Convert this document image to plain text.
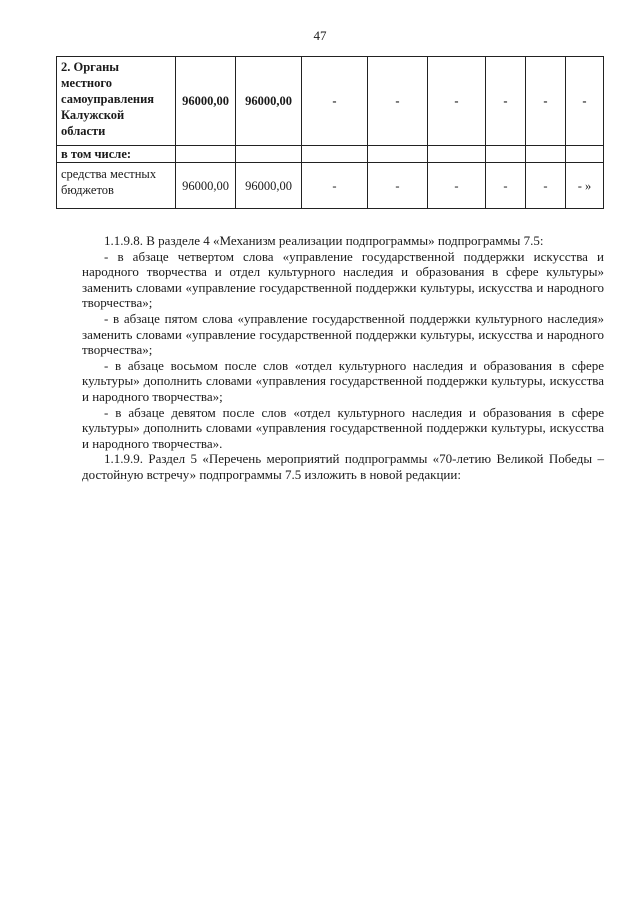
47
2. Органы местного самоуправления Калужской области	96000,00	96000,00	-	-	-	-	-	-
в том числе:								
средства местных бюджетов	96000,00	96000,00	-	-	-	-	-	- »

1.1.9.8. В разделе 4 «Механизм реализации подпрограммы» подпрограммы 7.5:

- в абзаце четвертом слова «управление государственной поддержки искусства и народного творчества и отдел культурного наследия и образования в сфере культуры» заменить словами «управление государственной поддержки культуры, искусства и народного творчества»;

- в абзаце пятом слова «управление государственной поддержки культурного наследия» заменить словами «управление государственной поддержки культуры, искусства и народного творчества»;

- в абзаце восьмом после слов «отдел культурного наследия и образования в сфере культуры» дополнить словами «управления государственной поддержки культуры, искусства и народного творчества»;

- в абзаце девятом после слов «отдел культурного наследия и образования в сфере культуры» дополнить словами «управления государственной поддержки культуры, искусства и народного творчества».

1.1.9.9. Раздел 5 «Перечень мероприятий подпрограммы «70-летию Великой Победы – достойную встречу» подпрограммы 7.5 изложить в новой редакции:
